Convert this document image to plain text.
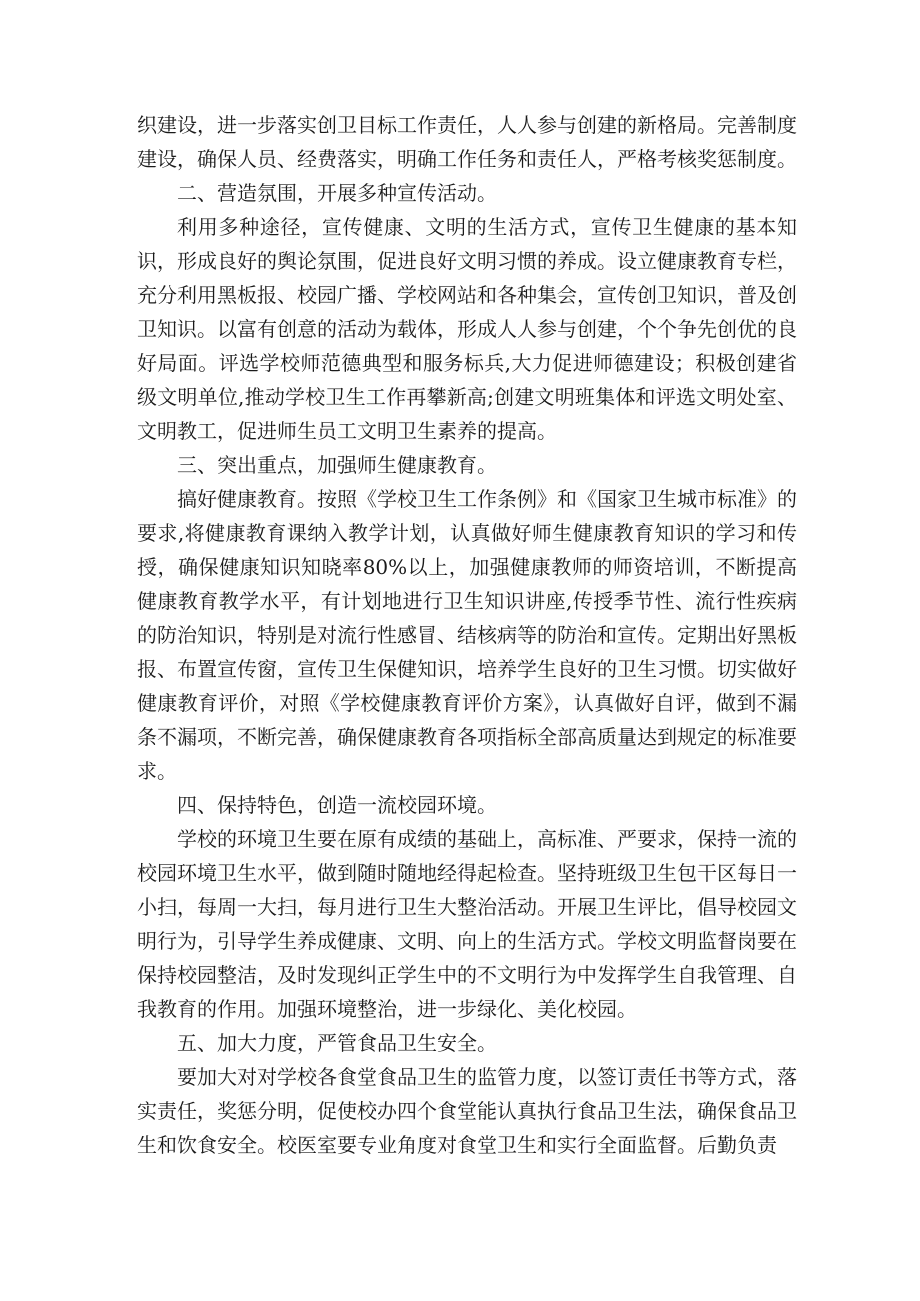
织建设，进一步落实创卫目标工作责任，人人参与创建的新格局。完善制度建设，确保人员、经费落实，明确工作任务和责任人，严格考核奖惩制度。

二、营造氛围，开展多种宣传活动。

利用多种途径，宣传健康、文明的生活方式，宣传卫生健康的基本知识，形成良好的舆论氛围，促进良好文明习惯的养成。设立健康教育专栏，充分利用黑板报、校园广播、学校网站和各种集会，宣传创卫知识，普及创卫知识。以富有创意的活动为载体，形成人人参与创建，个个争先创优的良好局面。评选学校师范德典型和服务标兵,大力促进师德建设；积极创建省级文明单位,推动学校卫生工作再攀新高;创建文明班集体和评选文明处室、文明教工，促进师生员工文明卫生素养的提高。

三、突出重点，加强师生健康教育。

搞好健康教育。按照《学校卫生工作条例》和《国家卫生城市标准》的要求,将健康教育课纳入教学计划，认真做好师生健康教育知识的学习和传授，确保健康知识知晓率80%以上，加强健康教师的师资培训，不断提高健康教育教学水平，有计划地进行卫生知识讲座,传授季节性、流行性疾病的防治知识，特别是对流行性感冒、结核病等的防治和宣传。定期出好黑板报、布置宣传窗，宣传卫生保健知识，培养学生良好的卫生习惯。切实做好健康教育评价，对照《学校健康教育评价方案》，认真做好自评，做到不漏条不漏项，不断完善，确保健康教育各项指标全部高质量达到规定的标准要求。

四、保持特色，创造一流校园环境。

学校的环境卫生要在原有成绩的基础上，高标准、严要求，保持一流的校园环境卫生水平，做到随时随地经得起检查。坚持班级卫生包干区每日一小扫，每周一大扫，每月进行卫生大整治活动。开展卫生评比，倡导校园文明行为，引导学生养成健康、文明、向上的生活方式。学校文明监督岗要在保持校园整洁，及时发现纠正学生中的不文明行为中发挥学生自我管理、自我教育的作用。加强环境整治，进一步绿化、美化校园。

五、加大力度，严管食品卫生安全。

要加大对对学校各食堂食品卫生的监管力度，以签订责任书等方式，落实责任，奖惩分明，促使校办四个食堂能认真执行食品卫生法，确保食品卫生和饮食安全。校医室要专业角度对食堂卫生和实行全面监督。后勤负责
